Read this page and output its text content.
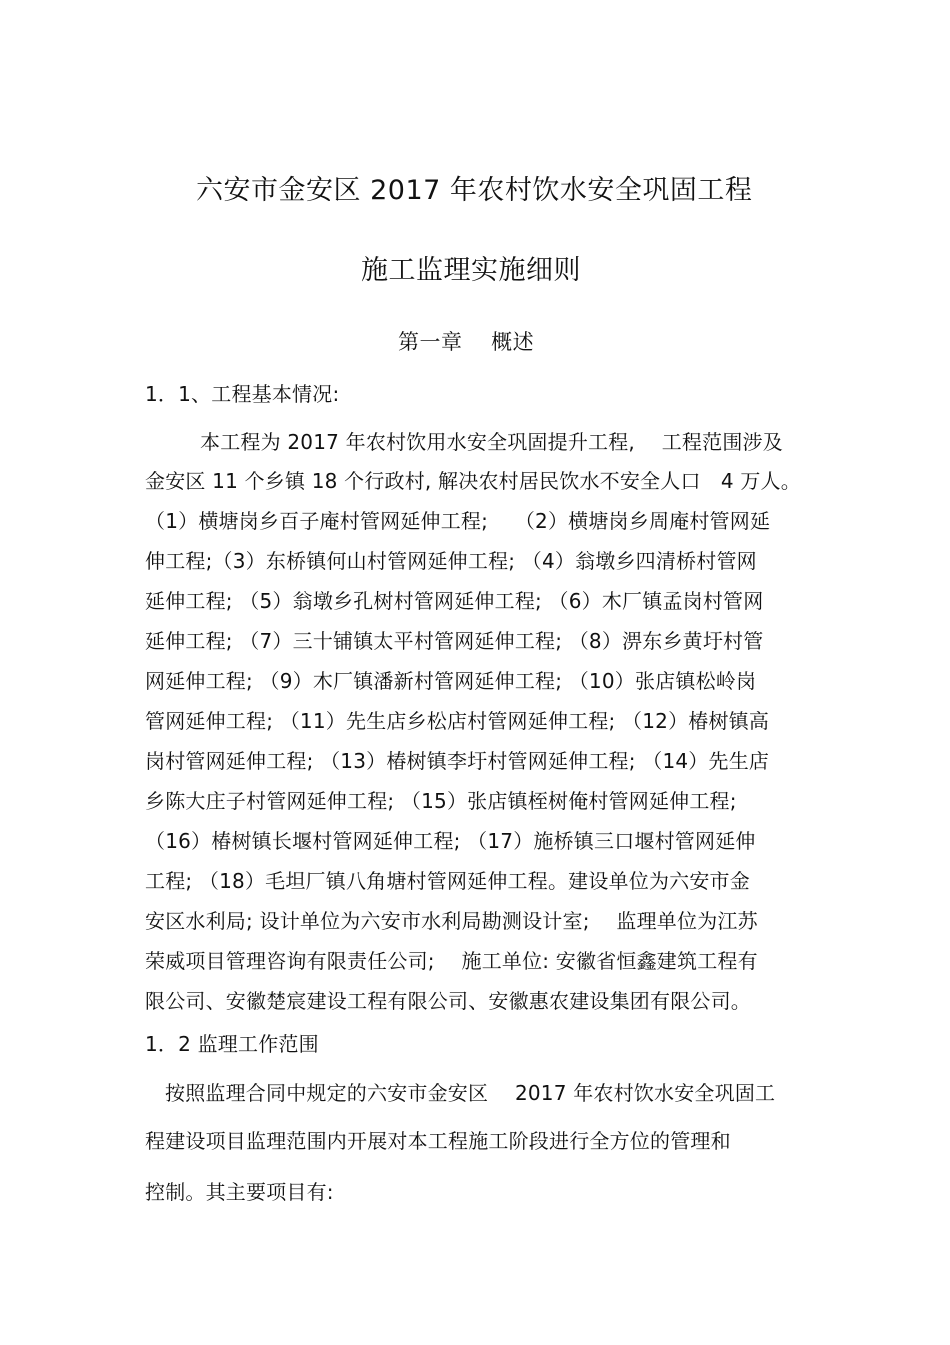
六安市金安区 2017 年农村饮水安全巩固工程
施工监理实施细则
第一章　 概述
1．1、工程基本情况:
本工程为 2017 年农村饮用水安全巩固提升工程,　 工程范围涉及
金安区 11 个乡镇 18 个行政村, 解决农村居民饮水不安全人口　4 万人。
（1）横塘岗乡百子庵村管网延伸工程;　 （2）横塘岗乡周庵村管网延
伸工程;（3）东桥镇何山村管网延伸工程; （4）翁墩乡四清桥村管网
延伸工程; （5）翁墩乡孔树村管网延伸工程; （6）木厂镇孟岗村管网
延伸工程; （7）三十铺镇太平村管网延伸工程; （8）淠东乡黄圩村管
网延伸工程; （9）木厂镇潘新村管网延伸工程; （10）张店镇松岭岗
管网延伸工程; （11）先生店乡松店村管网延伸工程; （12）椿树镇高
岗村管网延伸工程; （13）椿树镇李圩村管网延伸工程; （14）先生店
乡陈大庄子村管网延伸工程; （15）张店镇桎树俺村管网延伸工程;
（16）椿树镇长堰村管网延伸工程; （17）施桥镇三口堰村管网延伸
工程; （18）毛坦厂镇八角塘村管网延伸工程。建设单位为六安市金
安区水利局; 设计单位为六安市水利局勘测设计室;　 监理单位为江苏
荣威项目管理咨询有限责任公司;　 施工单位: 安徽省恒鑫建筑工程有
限公司、安徽楚宸建设工程有限公司、安徽惠农建设集团有限公司。
1．2 监理工作范围
按照监理合同中规定的六安市金安区　 2017 年农村饮水安全巩固工
程建设项目监理范围内开展对本工程施工阶段进行全方位的管理和
控制。其主要项目有:
